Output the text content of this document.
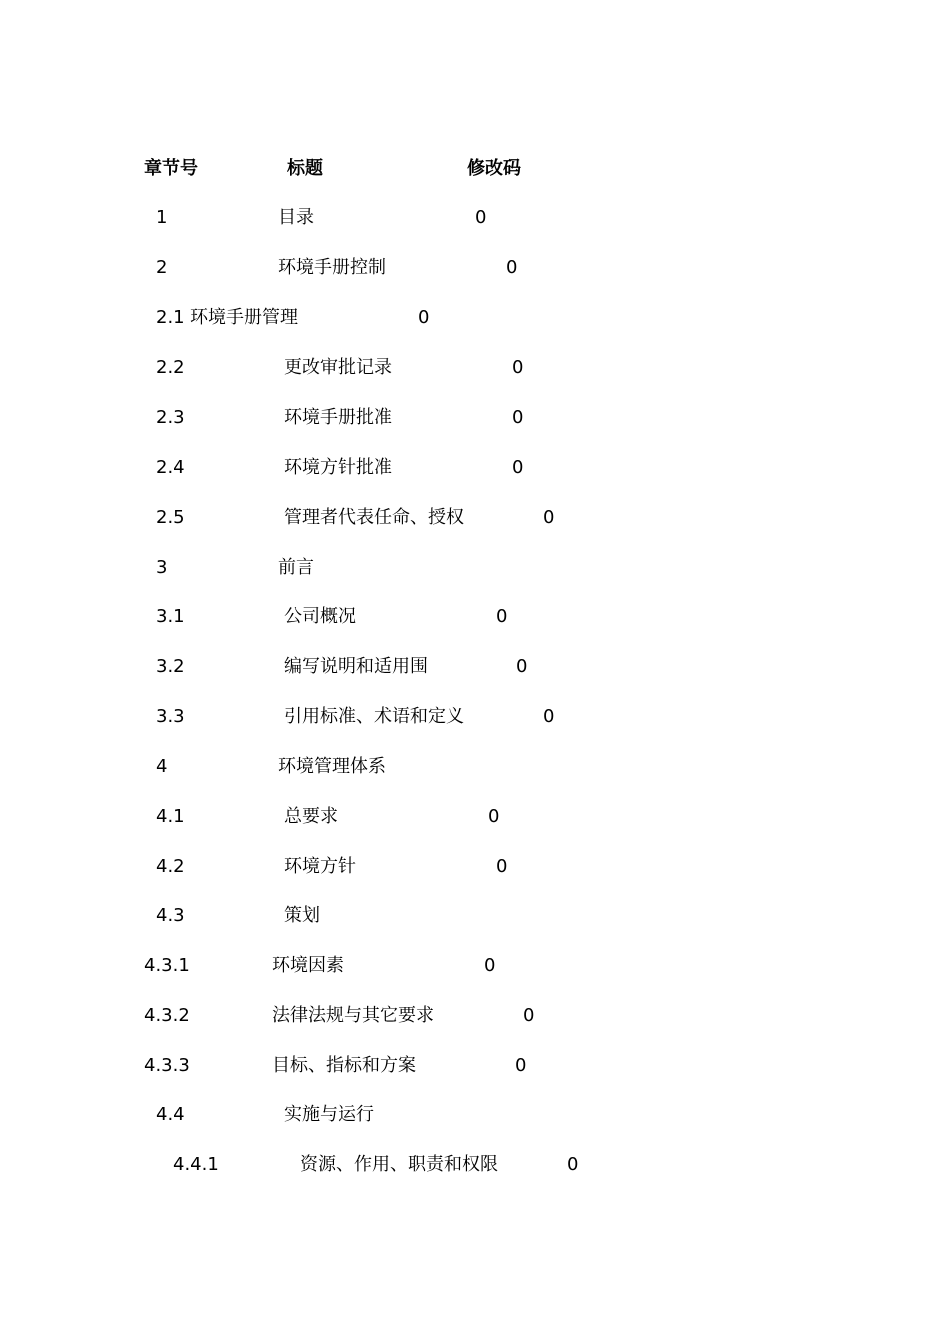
章节号	标题	修改码
1	目录	0
2	环境手册控制	0
2.1 环境手册管理	0
2.2	更改审批记录	0
2.3	环境手册批准	0
2.4	环境方针批准	0
2.5	管理者代表任命、授权	0
3	前言
3.1	公司概况	0
3.2	编写说明和适用围	0
3.3	引用标准、术语和定义	0
4	环境管理体系
4.1	总要求	0
4.2	环境方针	0
4.3	策划
4.3.1	环境因素	0
4.3.2	法律法规与其它要求	0
4.3.3	目标、指标和方案	0
4.4	实施与运行
4.4.1	资源、作用、职责和权限	0
